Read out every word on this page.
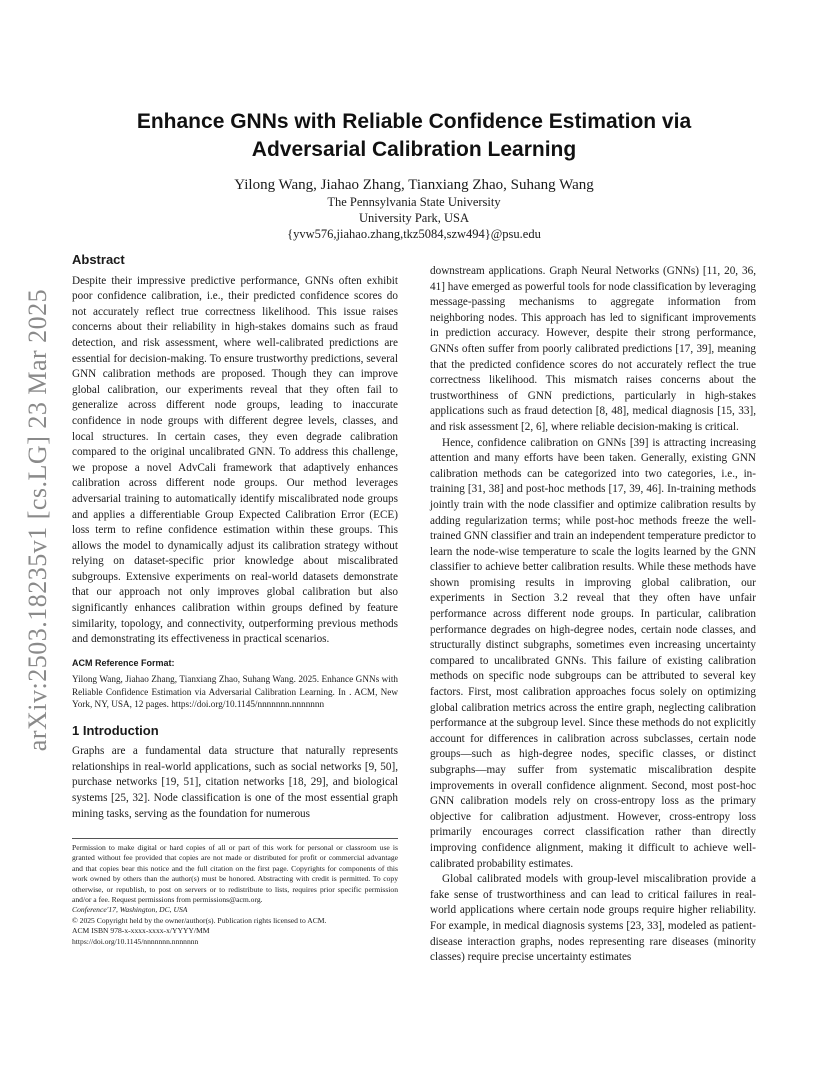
arXiv:2503.18235v1 [cs.LG] 23 Mar 2025
Enhance GNNs with Reliable Confidence Estimation via
Adversarial Calibration Learning

Yilong Wang, Jiahao Zhang, Tianxiang Zhao, Suhang Wang

The Pennsylvania State University

University Park, USA

{yvw576,jiahao.zhang,tkz5084,szw494}@psu.edu

Abstract

Despite their impressive predictive performance, GNNs often exhibit poor confidence calibration, i.e., their predicted confidence scores do not accurately reflect true correctness likelihood. This issue raises concerns about their reliability in high-stakes domains such as fraud detection, and risk assessment, where well-calibrated predictions are essential for decision-making. To ensure trustworthy predictions, several GNN calibration methods are proposed. Though they can improve global calibration, our experiments reveal that they often fail to generalize across different node groups, leading to inaccurate confidence in node groups with different degree levels, classes, and local structures. In certain cases, they even degrade calibration compared to the original uncalibrated GNN. To address this challenge, we propose a novel AdvCali framework that adaptively enhances calibration across different node groups. Our method leverages adversarial training to automatically identify miscalibrated node groups and applies a differentiable Group Expected Calibration Error (ECE) loss term to refine confidence estimation within these groups. This allows the model to dynamically adjust its calibration strategy without relying on dataset-specific prior knowledge about miscalibrated subgroups. Extensive experiments on real-world datasets demonstrate that our approach not only improves global calibration but also significantly enhances calibration within groups defined by feature similarity, topology, and connectivity, outperforming previous methods and demonstrating its effectiveness in practical scenarios.

ACM Reference Format:

Yilong Wang, Jiahao Zhang, Tianxiang Zhao, Suhang Wang. 2025. Enhance GNNs with Reliable Confidence Estimation via Adversarial Calibration Learning. In . ACM, New York, NY, USA, 12 pages. https://doi.org/10.1145/nnnnnnn.nnnnnnn

1 Introduction

Graphs are a fundamental data structure that naturally represents relationships in real-world applications, such as social networks [9, 50], purchase networks [19, 51], citation networks [18, 29], and biological systems [25, 32]. Node classification is one of the most essential graph mining tasks, serving as the foundation for numerous

Permission to make digital or hard copies of all or part of this work for personal or classroom use is granted without fee provided that copies are not made or distributed for profit or commercial advantage and that copies bear this notice and the full citation on the first page. Copyrights for components of this work owned by others than the author(s) must be honored. Abstracting with credit is permitted. To copy otherwise, or republish, to post on servers or to redistribute to lists, requires prior specific permission and/or a fee. Request permissions from permissions@acm.org.

Conference'17, Washington, DC, USA

© 2025 Copyright held by the owner/author(s). Publication rights licensed to ACM.

ACM ISBN 978-x-xxxx-xxxx-x/YYYY/MM

https://doi.org/10.1145/nnnnnnn.nnnnnnn

downstream applications. Graph Neural Networks (GNNs) [11, 20, 36, 41] have emerged as powerful tools for node classification by leveraging message-passing mechanisms to aggregate information from neighboring nodes. This approach has led to significant improvements in prediction accuracy. However, despite their strong performance, GNNs often suffer from poorly calibrated predictions [17, 39], meaning that the predicted confidence scores do not accurately reflect the true correctness likelihood. This mismatch raises concerns about the trustworthiness of GNN predictions, particularly in high-stakes applications such as fraud detection [8, 48], medical diagnosis [15, 33], and risk assessment [2, 6], where reliable decision-making is critical.

Hence, confidence calibration on GNNs [39] is attracting increasing attention and many efforts have been taken. Generally, existing GNN calibration methods can be categorized into two categories, i.e., in-training [31, 38] and post-hoc methods [17, 39, 46]. In-training methods jointly train with the node classifier and optimize calibration results by adding regularization terms; while post-hoc methods freeze the well-trained GNN classifier and train an independent temperature predictor to learn the node-wise temperature to scale the logits learned by the GNN classifier to achieve better calibration results. While these methods have shown promising results in improving global calibration, our experiments in Section 3.2 reveal that they often have unfair performance across different node groups. In particular, calibration performance degrades on high-degree nodes, certain node classes, and structurally distinct subgraphs, sometimes even increasing uncertainty compared to uncalibrated GNNs. This failure of existing calibration methods on specific node subgroups can be attributed to several key factors. First, most calibration approaches focus solely on optimizing global calibration metrics across the entire graph, neglecting calibration performance at the subgroup level. Since these methods do not explicitly account for differences in calibration across subclasses, certain node groups—such as high-degree nodes, specific classes, or distinct subgraphs—may suffer from systematic miscalibration despite improvements in overall confidence alignment. Second, most post-hoc GNN calibration models rely on cross-entropy loss as the primary objective for calibration adjustment. However, cross-entropy loss primarily encourages correct classification rather than directly improving confidence alignment, making it difficult to achieve well-calibrated probability estimates.

Global calibrated models with group-level miscalibration provide a fake sense of trustworthiness and can lead to critical failures in real-world applications where certain node groups require higher reliability. For example, in medical diagnosis systems [23, 33], modeled as patient-disease interaction graphs, nodes representing rare diseases (minority classes) require precise uncertainty estimates
